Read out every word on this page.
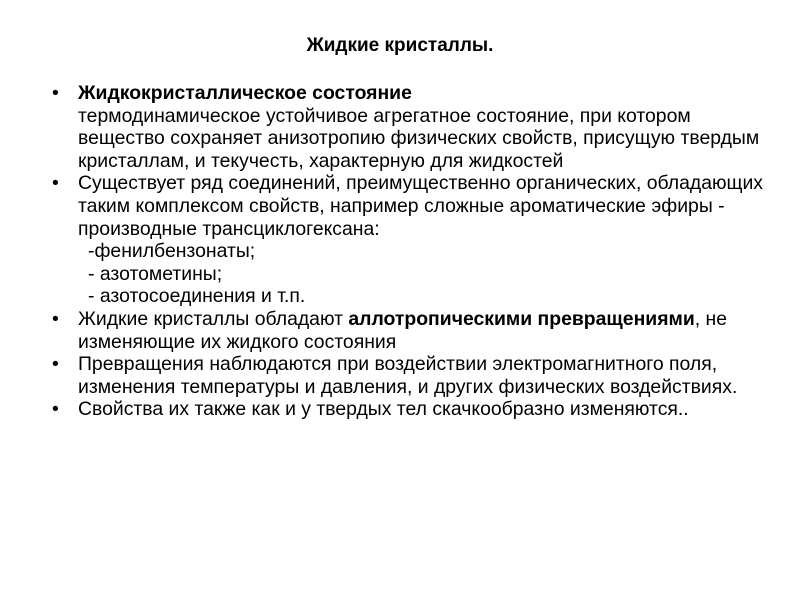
Жидкие кристаллы.
• Жидкокристаллическое состояние
термодинамическое устойчивое агрегатное состояние, при котором вещество сохраняет анизотропию физических свойств, присущую твердым кристаллам, и текучесть, характерную для жидкостей
• Существует ряд соединений, преимущественно органических, обладающих таким комплексом свойств, например сложные ароматические эфиры - производные трансциклогексана:
-фенилбензонаты;
- азотометины;
- азотосоединения и т.п.
• Жидкие кристаллы обладают аллотропическими превращениями, не изменяющие их жидкого состояния
• Превращения наблюдаются при воздействии электромагнитного поля, изменения температуры и давления, и других физических воздействиях.
• Свойства их также как и у твердых тел скачкообразно изменяются..
